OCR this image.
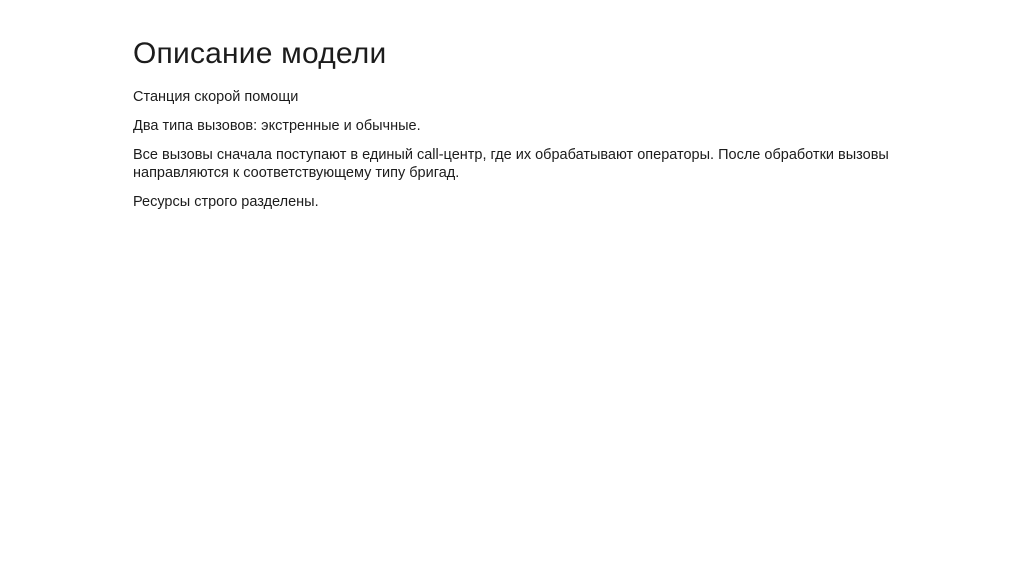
Описание модели
Станция скорой помощи
Два типа вызовов: экстренные и обычные.
Все вызовы сначала поступают в единый call-центр, где их обрабатывают операторы. После обработки вызовы направляются к соответствующему типу бригад.
Ресурсы строго разделены.
